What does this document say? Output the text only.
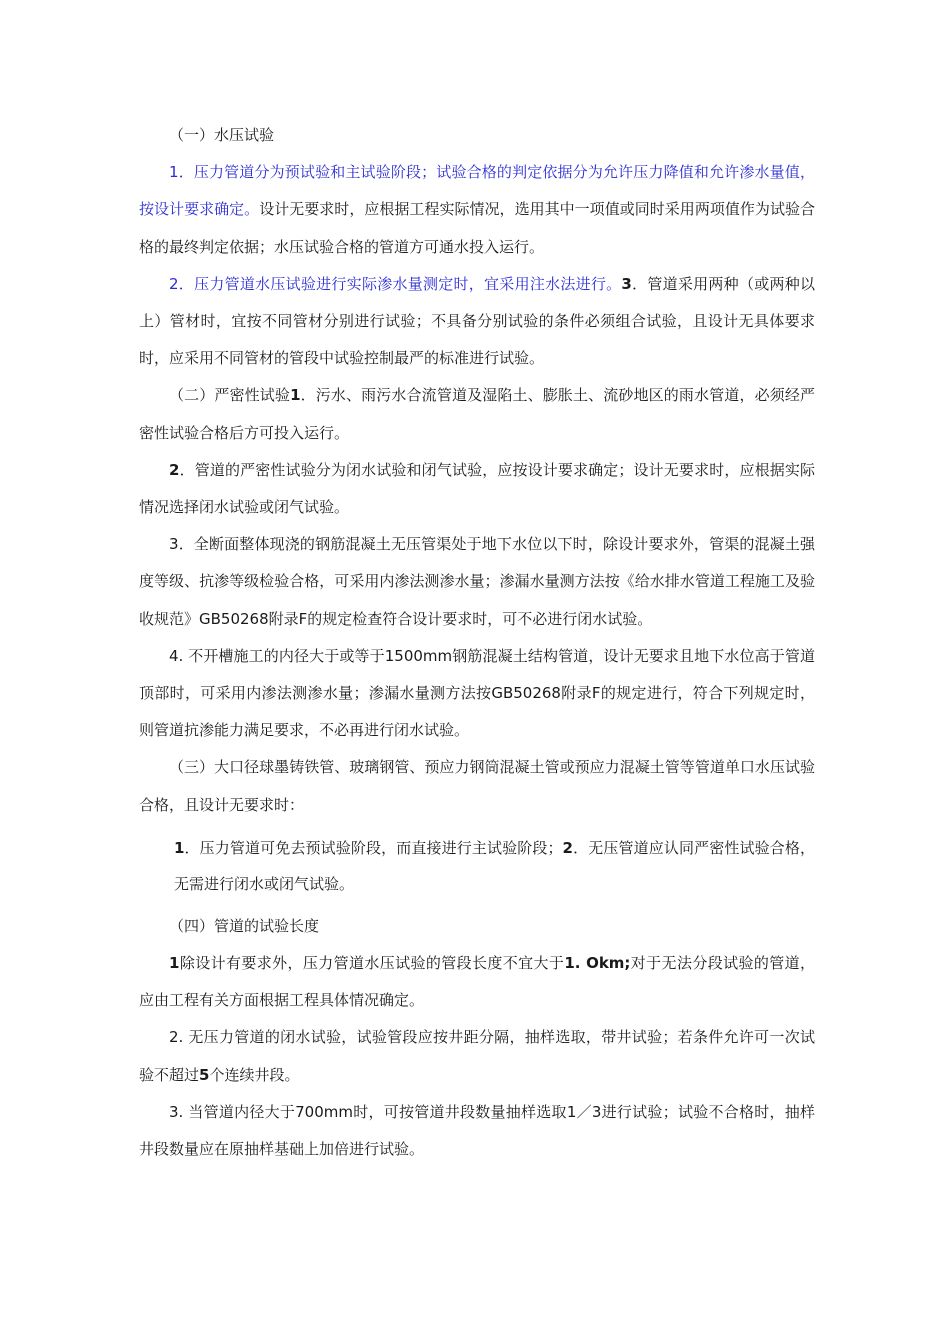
（一）水压试验

1．压力管道分为预试验和主试验阶段；试验合格的判定依据分为允许压力降值和允许渗水量值，按设计要求确定。设计无要求时，应根据工程实际情况，选用其中一项值或同时采用两项值作为试验合格的最终判定依据；水压试验合格的管道方可通水投入运行。

2．压力管道水压试验进行实际渗水量测定时，宜采用注水法进行。3．管道采用两种（或两种以上）管材时，宜按不同管材分别进行试验；不具备分别试验的条件必须组合试验，且设计无具体要求时，应采用不同管材的管段中试验控制最严的标准进行试验。

（二）严密性试验1．污水、雨污水合流管道及湿陷土、膨胀土、流砂地区的雨水管道，必须经严密性试验合格后方可投入运行。

2．管道的严密性试验分为闭水试验和闭气试验，应按设计要求确定；设计无要求时，应根据实际情况选择闭水试验或闭气试验。

3．全断面整体现浇的钢筋混凝土无压管渠处于地下水位以下时，除设计要求外，管渠的混凝土强度等级、抗渗等级检验合格，可采用内渗法测渗水量；渗漏水量测方法按《给水排水管道工程施工及验收规范》GB50268附录F的规定检查符合设计要求时，可不必进行闭水试验。

4. 不开槽施工的内径大于或等于1500mm钢筋混凝土结构管道，设计无要求且地下水位高于管道顶部时，可采用内渗法测渗水量；渗漏水量测方法按GB50268附录F的规定进行，符合下列规定时，则管道抗渗能力满足要求，不必再进行闭水试验。

（三）大口径球墨铸铁管、玻璃钢管、预应力钢筒混凝土管或预应力混凝土管等管道单口水压试验合格，且设计无要求时：

1．压力管道可免去预试验阶段，而直接进行主试验阶段；2．无压管道应认同严密性试验合格，无需进行闭水或闭气试验。

（四）管道的试验长度

1除设计有要求外，压力管道水压试验的管段长度不宜大于1. Okm;对于无法分段试验的管道，应由工程有关方面根据工程具体情况确定。

2. 无压力管道的闭水试验，试验管段应按井距分隔，抽样选取，带井试验；若条件允许可一次试验不超过5个连续井段。

3. 当管道内径大于700mm时，可按管道井段数量抽样选取1／3进行试验；试验不合格时，抽样井段数量应在原抽样基础上加倍进行试验。
